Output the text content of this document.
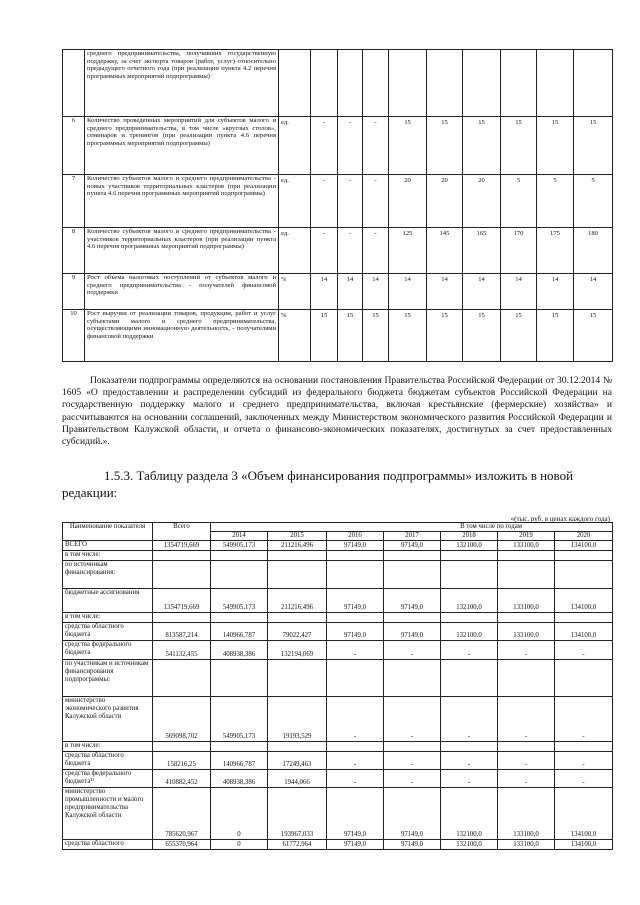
	среднего предпринимательства, получивших государственную поддержку, за счет экспорта товаров (работ, услуг) относительно предыдущего отчетного года (при реализации пункта 4.2 перечня программных мероприятий подпрограммы)										
6	Количество проведенных мероприятий для субъектов малого и среднего предпринимательства, в том числе «круглых столов», семинаров и тренингов (при реализации пункта 4.6 перечня программных мероприятий подпрограммы)	ед.	-	-	-	15	15	15	15	15	15
7	Количество субъектов малого и среднего предпринимательства - новых участников территориальных кластеров (при реализации пункта 4.6 перечня программных мероприятий подпрограммы)	ед.	-	-	-	20	20	20	5	5	5
8	Количество субъектов малого и среднего предпринимательства - участников территориальных кластеров (при реализации пункта 4.6 перечня программных мероприятий подпрограммы)	ед.	-	-	-	125	145	165	170	175	180
9	Рост объема налоговых поступлений от субъектов малого и среднего предпринимательства - получателей финансовой поддержки	%	14	14	14	14	14	14	14	14	14
10	Рост выручки от реализации товаров, продукции, работ и услуг субъектами малого и среднего предпринимательства, осуществляющими инновационную деятельность, - получателями финансовой поддержки	%	15	15	15	15	15	15	15	15	15
Показатели подпрограммы определяются на основании постановления Правительства Российской Федерации от 30.12.2014 № 1605 «О предоставлении и распределении субсидий из федерального бюджета бюджетам субъектов Российской Федерации на государственную поддержку малого и среднего предпринимательства, включая крестьянские (фермерские) хозяйства» и рассчитываются на основании соглашений, заключенных между Министерством экономического развития Российской Федерации и Правительством Калужской области, и отчета о финансово-экономических показателях, достигнутых за счет предоставленных субсидий.».
1.5.3. Таблицу раздела 3 «Объем финансирования подпрограммы» изложить в новой редакции:
«(тыс. руб. в ценах каждого года)
Наименование показателя	Всего	В том числе по годам						
		2014	2015	2016	2017	2018	2019	2020
ВСЕГО	1354719,669	549905,173	211216,496	97149,0	97149,0	132100,0	133100,0	134100,0
в том числе:								
по источникам финансирования:								
бюджетные ассигнования	1354719,669	549905,173	211216,496	97149,0	97149,0	132100,0	133100,0	134100,0
в том числе:								
средства областного бюджета	813587,214	140966,787	79022,427	97149,0	97149,0	132100,0	133100,0	134100,0
средства федерального бюджета	541132,455	408938,386	132194,069	-	-	-	-	-
по участникам и источникам финансирования подпрограммы:								
министерство экономического развития Калужской области	569098,702	549905,173	19193,529	-	-	-	-	-
в том числе:								
средства областного бюджета	158216,25	140966,787	17249,463	-	-	-	-	-
средства федерального бюджета¹⁾	410882,452	408938,386	1944,066	-	-	-	-	-
министерство промышленности и малого предпринимательства Калужской области	785620,967	0	193967,033	97149,0	97149,0	132100,0	133100,0	134100,0
средства областного	655370,964	0	61772,964	97149,0	97149,0	132100,0	133100,0	134100,0
